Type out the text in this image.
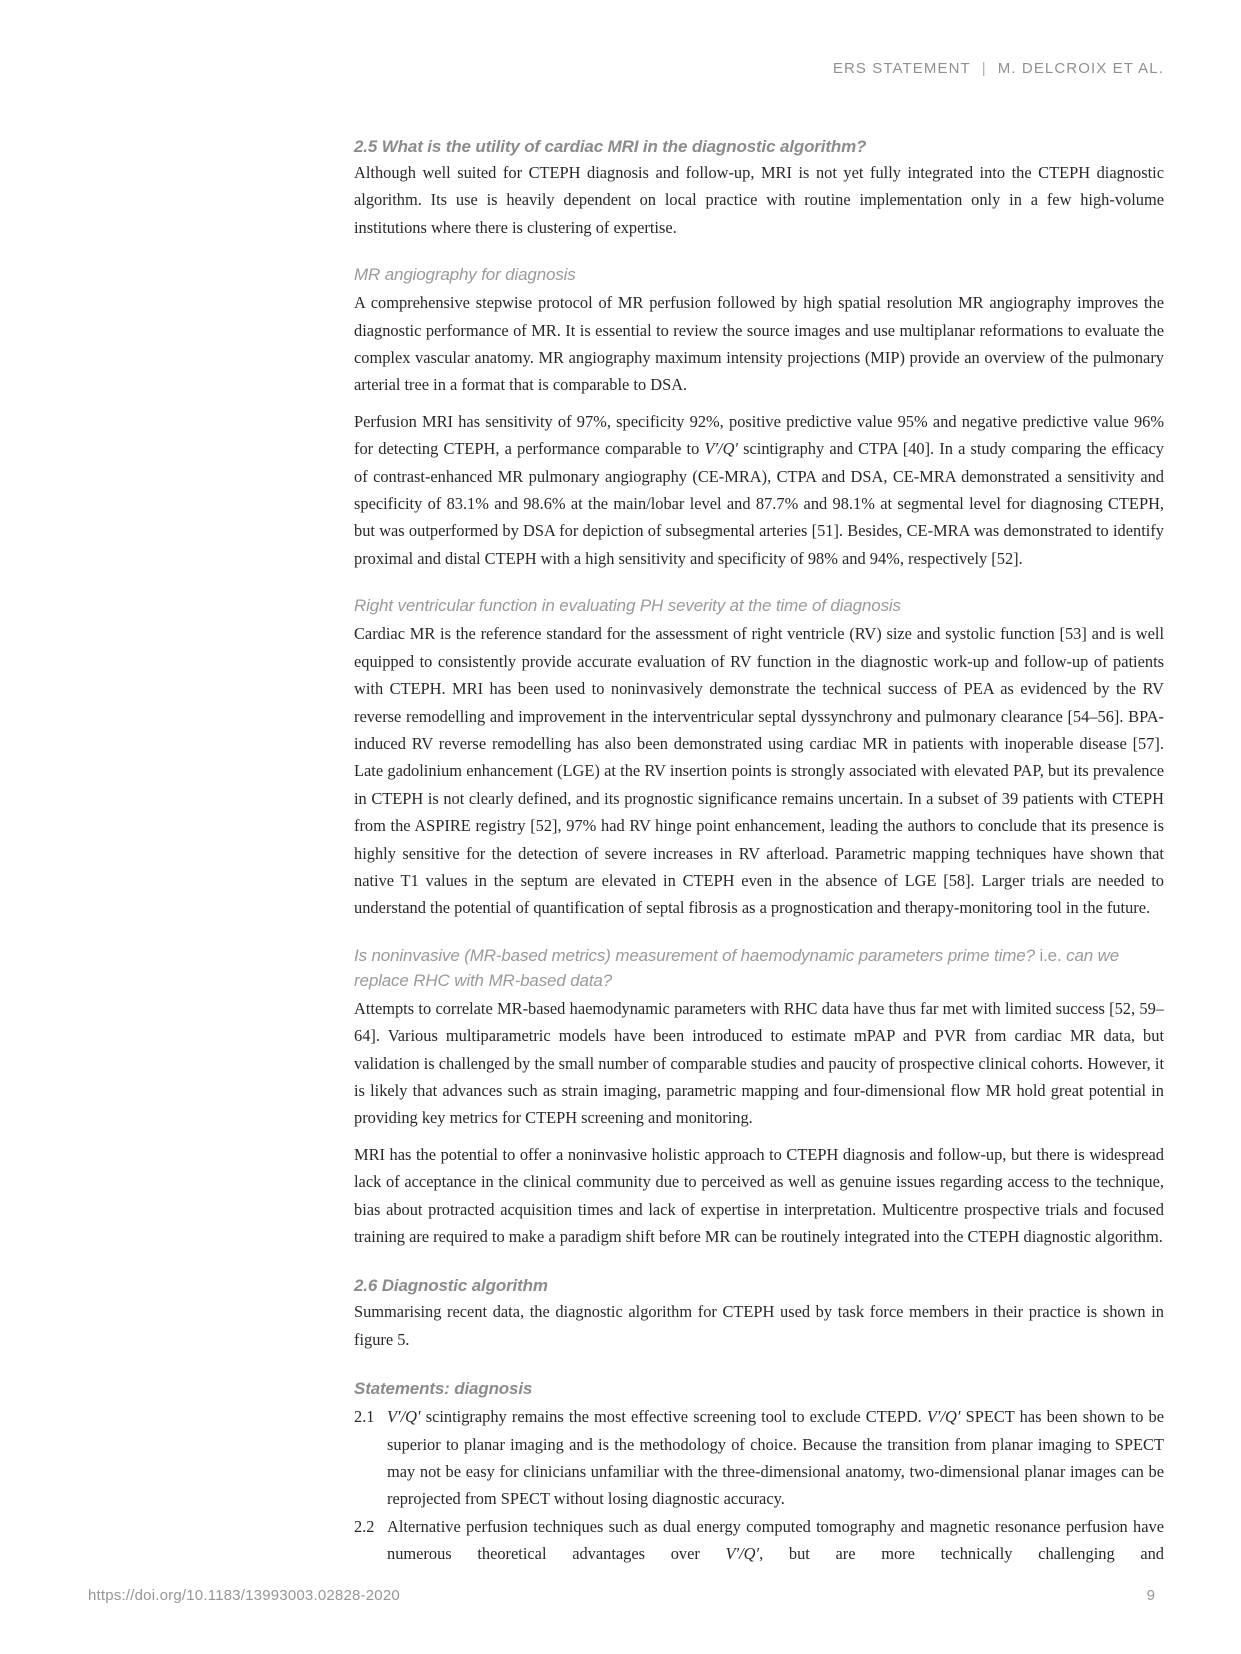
ERS STATEMENT | M. DELCROIX ET AL.
2.5 What is the utility of cardiac MRI in the diagnostic algorithm?

Although well suited for CTEPH diagnosis and follow-up, MRI is not yet fully integrated into the CTEPH diagnostic algorithm. Its use is heavily dependent on local practice with routine implementation only in a few high-volume institutions where there is clustering of expertise.

MR angiography for diagnosis

A comprehensive stepwise protocol of MR perfusion followed by high spatial resolution MR angiography improves the diagnostic performance of MR. It is essential to review the source images and use multiplanar reformations to evaluate the complex vascular anatomy. MR angiography maximum intensity projections (MIP) provide an overview of the pulmonary arterial tree in a format that is comparable to DSA.

Perfusion MRI has sensitivity of 97%, specificity 92%, positive predictive value 95% and negative predictive value 96% for detecting CTEPH, a performance comparable to V′/Q′ scintigraphy and CTPA [40]. In a study comparing the efficacy of contrast-enhanced MR pulmonary angiography (CE-MRA), CTPA and DSA, CE-MRA demonstrated a sensitivity and specificity of 83.1% and 98.6% at the main/lobar level and 87.7% and 98.1% at segmental level for diagnosing CTEPH, but was outperformed by DSA for depiction of subsegmental arteries [51]. Besides, CE-MRA was demonstrated to identify proximal and distal CTEPH with a high sensitivity and specificity of 98% and 94%, respectively [52].

Right ventricular function in evaluating PH severity at the time of diagnosis

Cardiac MR is the reference standard for the assessment of right ventricle (RV) size and systolic function [53] and is well equipped to consistently provide accurate evaluation of RV function in the diagnostic work-up and follow-up of patients with CTEPH. MRI has been used to noninvasively demonstrate the technical success of PEA as evidenced by the RV reverse remodelling and improvement in the interventricular septal dyssynchrony and pulmonary clearance [54–56]. BPA-induced RV reverse remodelling has also been demonstrated using cardiac MR in patients with inoperable disease [57]. Late gadolinium enhancement (LGE) at the RV insertion points is strongly associated with elevated PAP, but its prevalence in CTEPH is not clearly defined, and its prognostic significance remains uncertain. In a subset of 39 patients with CTEPH from the ASPIRE registry [52], 97% had RV hinge point enhancement, leading the authors to conclude that its presence is highly sensitive for the detection of severe increases in RV afterload. Parametric mapping techniques have shown that native T1 values in the septum are elevated in CTEPH even in the absence of LGE [58]. Larger trials are needed to understand the potential of quantification of septal fibrosis as a prognostication and therapy-monitoring tool in the future.

Is noninvasive (MR-based metrics) measurement of haemodynamic parameters prime time? i.e. can we replace RHC with MR-based data?

Attempts to correlate MR-based haemodynamic parameters with RHC data have thus far met with limited success [52, 59–64]. Various multiparametric models have been introduced to estimate mPAP and PVR from cardiac MR data, but validation is challenged by the small number of comparable studies and paucity of prospective clinical cohorts. However, it is likely that advances such as strain imaging, parametric mapping and four-dimensional flow MR hold great potential in providing key metrics for CTEPH screening and monitoring.

MRI has the potential to offer a noninvasive holistic approach to CTEPH diagnosis and follow-up, but there is widespread lack of acceptance in the clinical community due to perceived as well as genuine issues regarding access to the technique, bias about protracted acquisition times and lack of expertise in interpretation. Multicentre prospective trials and focused training are required to make a paradigm shift before MR can be routinely integrated into the CTEPH diagnostic algorithm.

2.6 Diagnostic algorithm

Summarising recent data, the diagnostic algorithm for CTEPH used by task force members in their practice is shown in figure 5.

Statements: diagnosis
2.1 V′/Q′ scintigraphy remains the most effective screening tool to exclude CTEPD. V′/Q′ SPECT has been shown to be superior to planar imaging and is the methodology of choice. Because the transition from planar imaging to SPECT may not be easy for clinicians unfamiliar with the three-dimensional anatomy, two-dimensional planar images can be reprojected from SPECT without losing diagnostic accuracy.
2.2 Alternative perfusion techniques such as dual energy computed tomography and magnetic resonance perfusion have numerous theoretical advantages over V′/Q′, but are more technically challenging and
https://doi.org/10.1183/13993003.02828-2020	9
